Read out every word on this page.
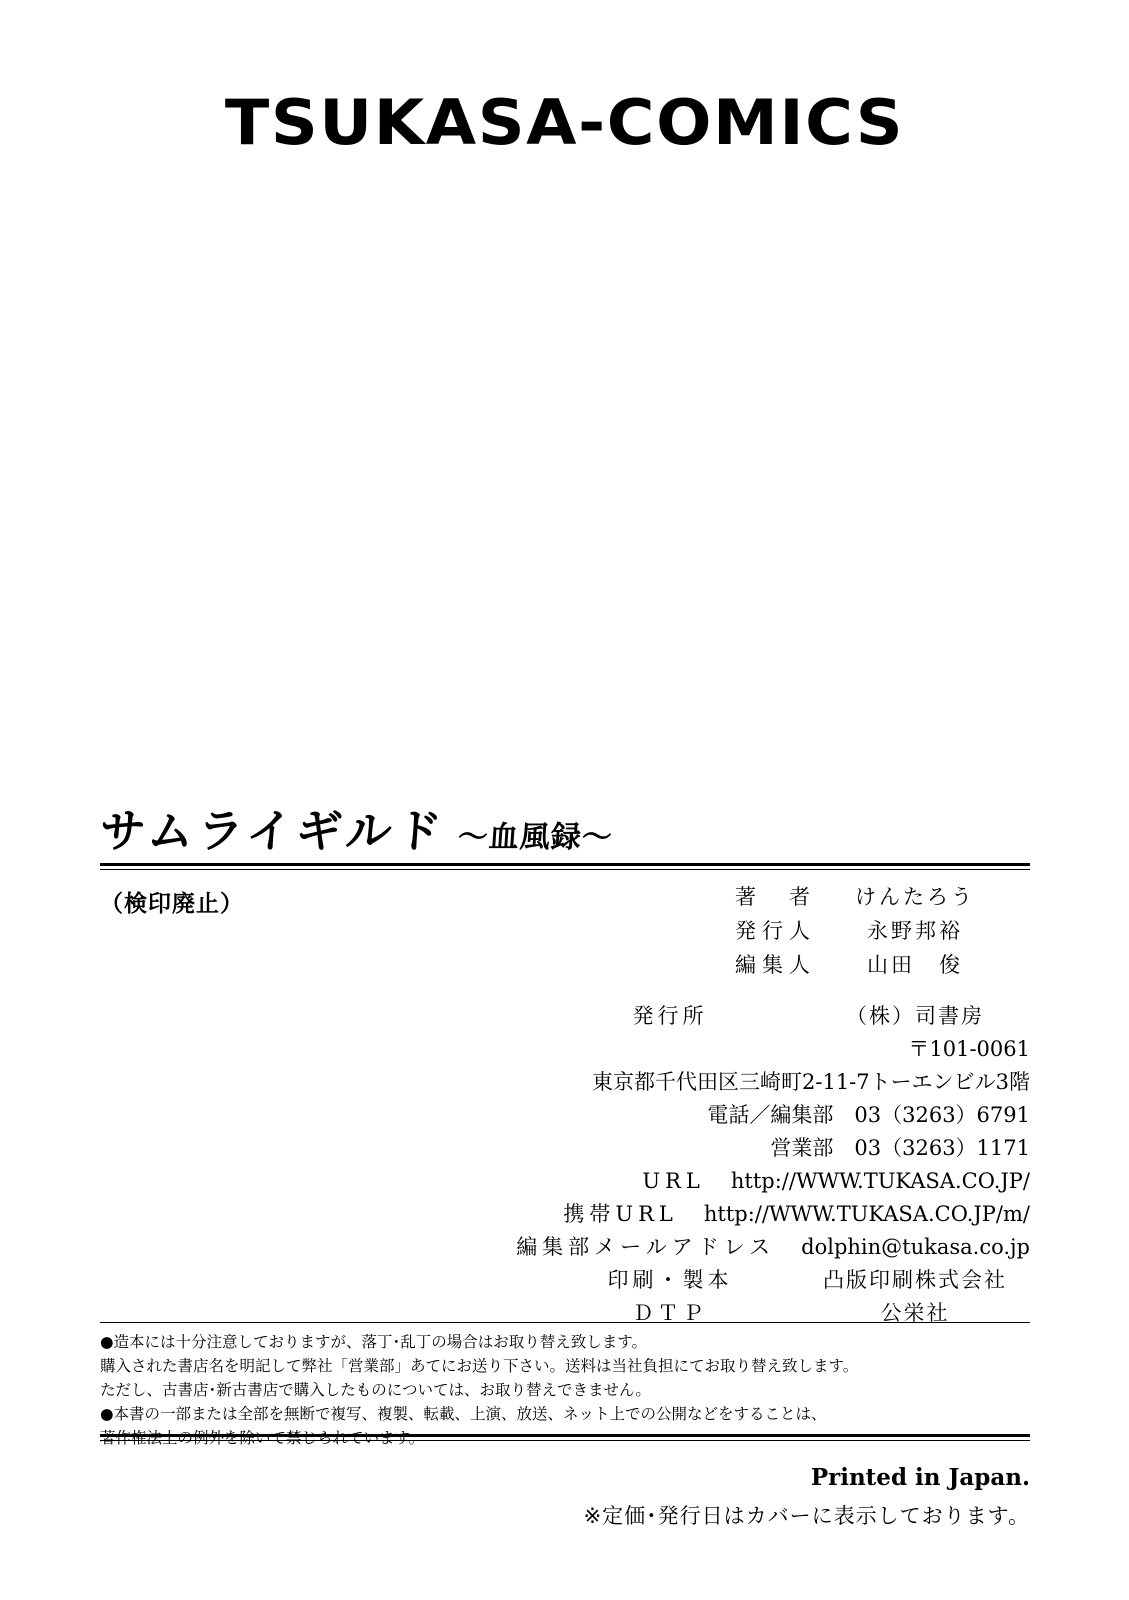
TSUKASA-COMICS
サムライギルド ～血風録～
（検印廃止）	著　者	けんたろう
発行人	永野邦裕
編集人	山田　俊
発行所	（株）司書房
〒101-0061
東京都千代田区三崎町2-11-7トーエンビル3階
電話／編集部　03（3263）6791
営業部　03（3263）1171
URL http://WWW.TUKASA.CO.JP/
携帯URL http://WWW.TUKASA.CO.JP/m/
編集部メールアドレス dolphin@tukasa.co.jp
印刷・製本	凸版印刷株式会社
ＤＴＰ	公栄社
●造本には十分注意しておりますが、落丁･乱丁の場合はお取り替え致します。
購入された書店名を明記して弊社「営業部」あてにお送り下さい。送料は当社負担にてお取り替え致します。
ただし、古書店･新古書店で購入したものについては、お取り替えできません。
●本書の一部または全部を無断で複写、複製、転載、上演、放送、ネット上での公開などをすることは、
著作権法上の例外を除いて禁じられています。
Printed in Japan.
※定価･発行日はカバーに表示しております。
